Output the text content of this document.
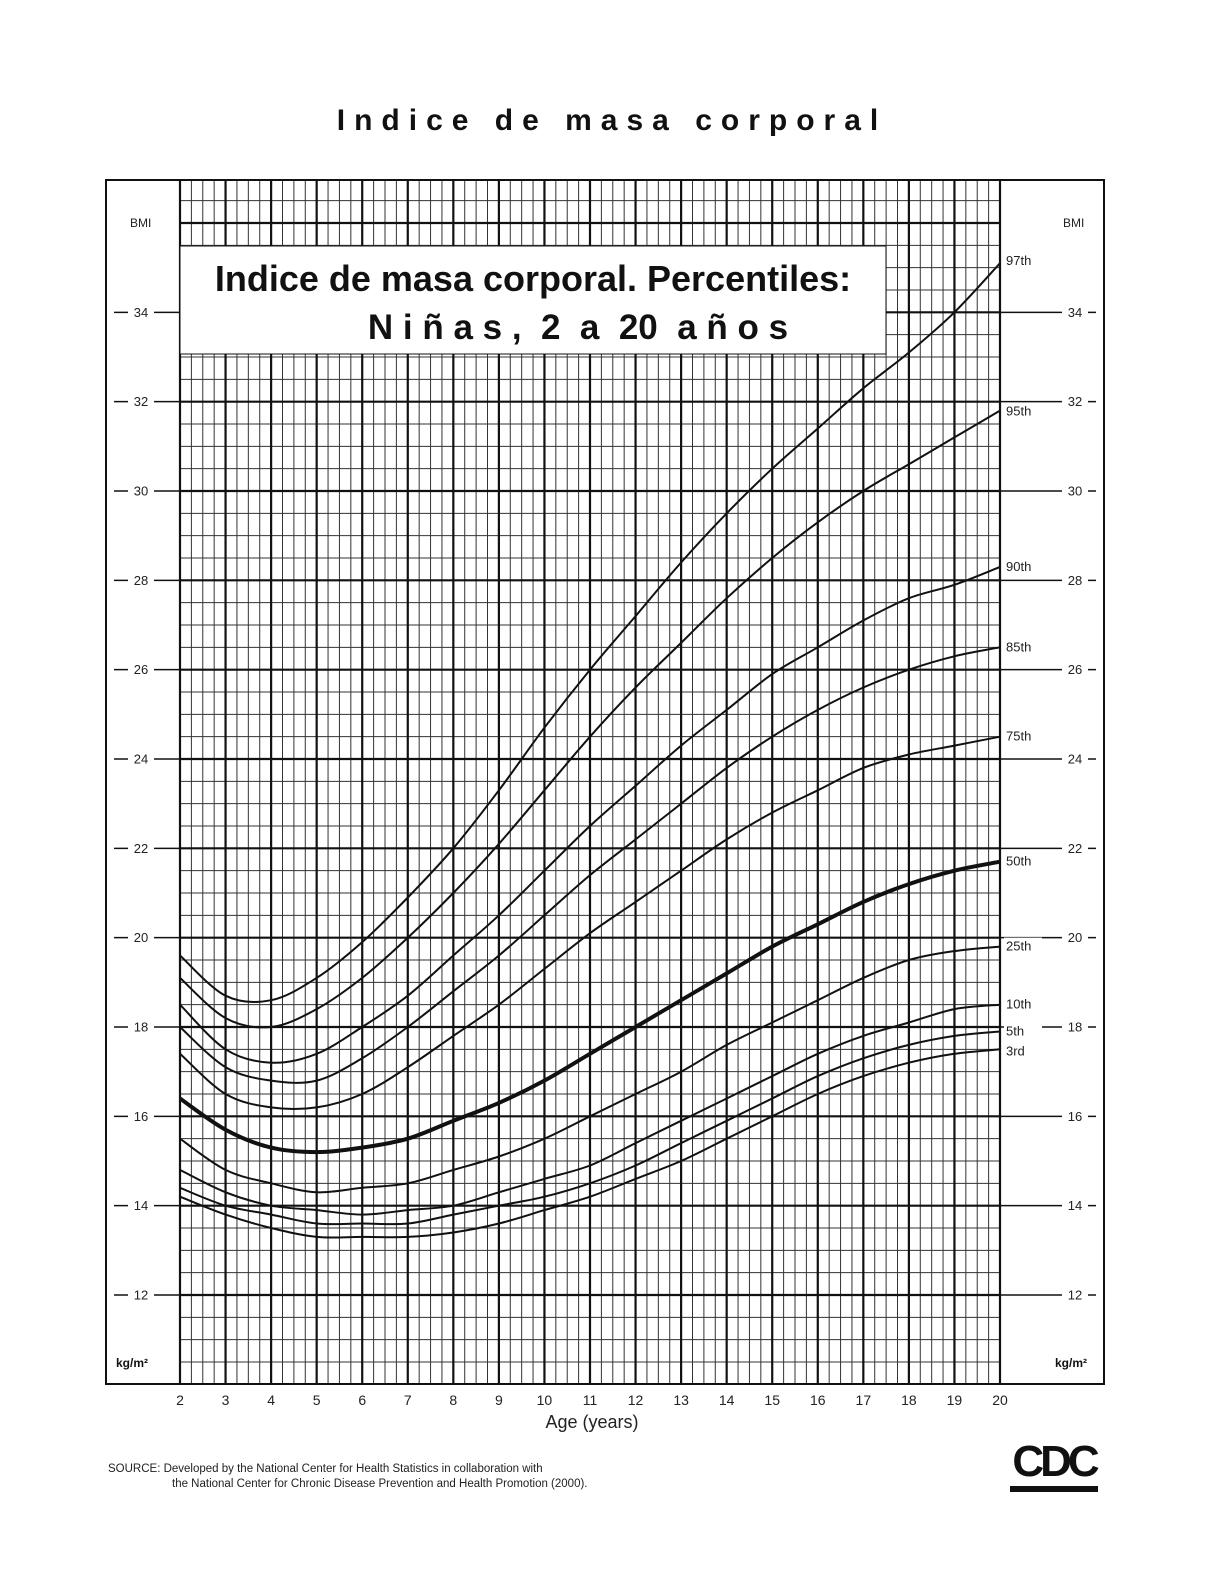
Indice de masa corporal
Indice de masa corporal. Percentiles:
N i ñ a s ,  2  a  20  a ñ o s
12	12
14	14
16	16
18	18
20	20
22	22
24	24
26	26
28	28
30	30
32	32
34	34
2	3	4	5	6	7	8	9 10 11 12 13 14 15 16 17 18 19 20
97th
95th
90th
85th
75th
50th
25th
10th
5th
3rd
BMI	BMI
kg/m²	kg/m²
Age (years)
SOURCE: Developed by the National Center for Health Statistics in collaboration with
the National Center for Chronic Disease Prevention and Health Promotion (2000).	CDC
